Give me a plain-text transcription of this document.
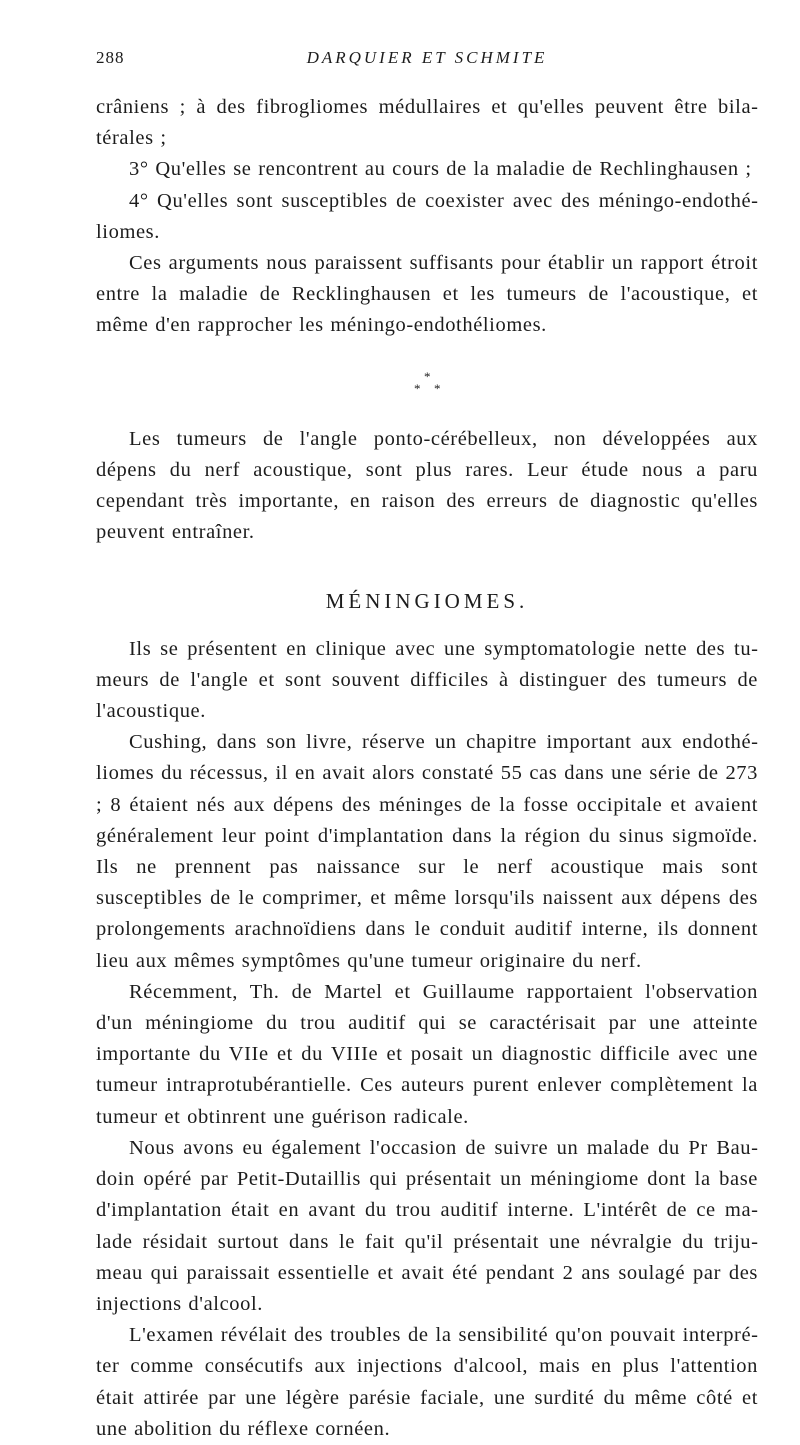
288	DARQUIER ET SCHMITE

crâniens ; à des fibrogliomes médullaires et qu'elles peuvent être bilatérales ;

3° Qu'elles se rencontrent au cours de la maladie de Rechlinghausen ;

4° Qu'elles sont susceptibles de coexister avec des méningo-endothéliomes.

Ces arguments nous paraissent suffisants pour établir un rapport étroit entre la maladie de Recklinghausen et les tumeurs de l'acoustique, et même d'en rapprocher les méningo-endothéliomes.

*
* *

Les tumeurs de l'angle ponto-cérébelleux, non développées aux dépens du nerf acoustique, sont plus rares. Leur étude nous a paru cependant très importante, en raison des erreurs de diagnostic qu'elles peuvent entraîner.

MÉNINGIOMES.

Ils se présentent en clinique avec une symptomatologie nette des tumeurs de l'angle et sont souvent difficiles à distinguer des tumeurs de l'acoustique.

Cushing, dans son livre, réserve un chapitre important aux endothéliomes du récessus, il en avait alors constaté 55 cas dans une série de 273 ; 8 étaient nés aux dépens des méninges de la fosse occipitale et avaient généralement leur point d'implantation dans la région du sinus sigmoïde. Ils ne prennent pas naissance sur le nerf acoustique mais sont susceptibles de le comprimer, et même lorsqu'ils naissent aux dépens des prolongements arachnoïdiens dans le conduit auditif interne, ils donnent lieu aux mêmes symptômes qu'une tumeur originaire du nerf.

Récemment, Th. de Martel et Guillaume rapportaient l'observation d'un méningiome du trou auditif qui se caractérisait par une atteinte importante du VIIe et du VIIIe et posait un diagnostic difficile avec une tumeur intraprotubérantielle. Ces auteurs purent enlever complètement la tumeur et obtinrent une guérison radicale.

Nous avons eu également l'occasion de suivre un malade du Pr Baudoin opéré par Petit-Dutaillis qui présentait un méningiome dont la base d'implantation était en avant du trou auditif interne. L'intérêt de ce malade résidait surtout dans le fait qu'il présentait une névralgie du trijumeau qui paraissait essentielle et avait été pendant 2 ans soulagé par des injections d'alcool.

L'examen révélait des troubles de la sensibilité qu'on pouvait interpréter comme consécutifs aux injections d'alcool, mais en plus l'attention était attirée par une légère parésie faciale, une surdité du même côté et une abolition du réflexe cornéen.
